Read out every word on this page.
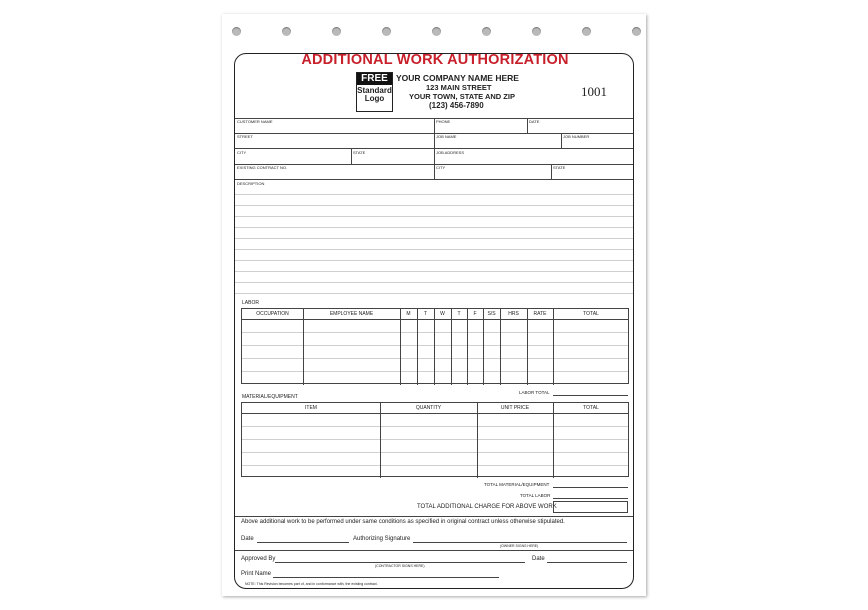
ADDITIONAL WORK AUTHORIZATION
FREE
Standard
Logo
YOUR COMPANY NAME HERE
123 MAIN STREET
YOUR TOWN, STATE AND ZIP
(123) 456-7890
1001
CUSTOMER NAME	PHONE	DATE
STREET	JOB NAME	JOB NUMBER
CITY	STATE	JOB ADDRESS
EXISTING CONTRACT NO.	CITY	STATE
DESCRIPTION
LABOR
OCCUPATION	EMPLOYEE NAME	M	T	W	T	F	S/S	HRS	RATE	TOTAL
LABOR TOTAL
MATERIAL/EQUIPMENT
ITEM	QUANTITY	UNIT PRICE	TOTAL
TOTAL MATERIAL/EQUIPMENT
TOTAL LABOR
TOTAL ADDITIONAL CHARGE FOR ABOVE WORK
Above additional work to be performed under same conditions as specified in original contract unless otherwise stipulated.
Date	Authorizing Signature
(OWNER SIGNS HERE)
Approved By
(CONTRACTOR SIGNS HERE)
Date
Print Name
NOTE: This Revision becomes part of, and in conformance with, the existing contract.
